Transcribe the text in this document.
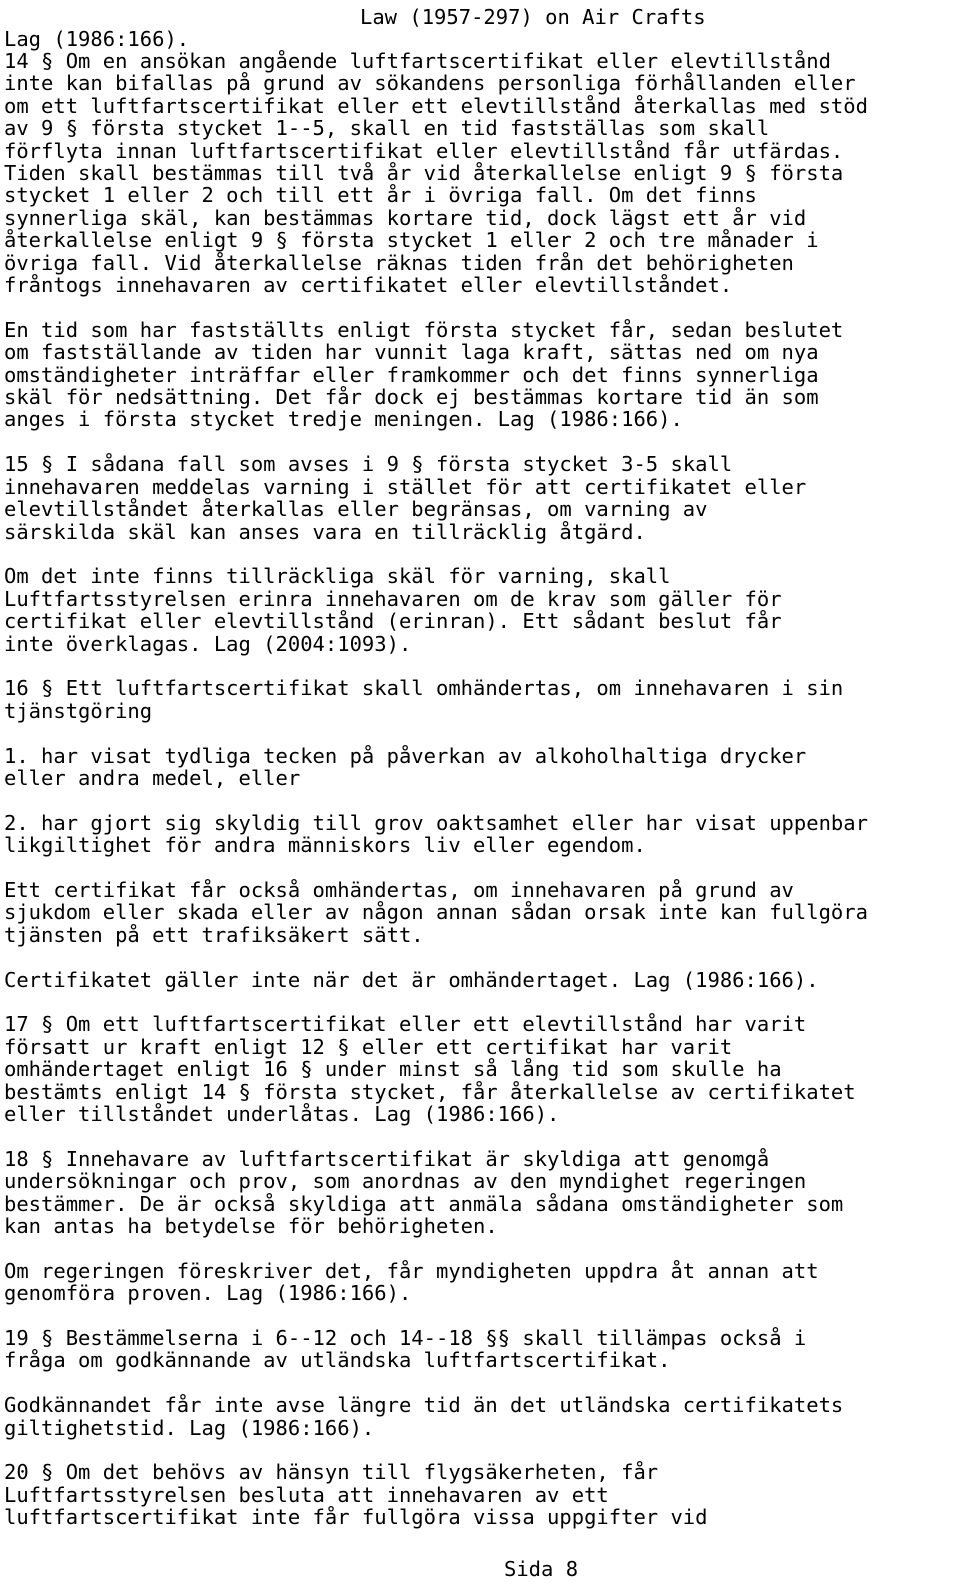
Law (1957-297) on Air Crafts
Lag (1986:166).
14 § Om en ansökan angående luftfartscertifikat eller elevtillstånd
inte kan bifallas på grund av sökandens personliga förhållanden eller
om ett luftfartscertifikat eller ett elevtillstånd återkallas med stöd
av 9 § första stycket 1--5, skall en tid fastställas som skall
förflyta innan luftfartscertifikat eller elevtillstånd får utfärdas.
Tiden skall bestämmas till två år vid återkallelse enligt 9 § första
stycket 1 eller 2 och till ett år i övriga fall. Om det finns
synnerliga skäl, kan bestämmas kortare tid, dock lägst ett år vid
återkallelse enligt 9 § första stycket 1 eller 2 och tre månader i
övriga fall. Vid återkallelse räknas tiden från det behörigheten
fråntogs innehavaren av certifikatet eller elevtillståndet.
En tid som har fastställts enligt första stycket får, sedan beslutet
om fastställande av tiden har vunnit laga kraft, sättas ned om nya
omständigheter inträffar eller framkommer och det finns synnerliga
skäl för nedsättning. Det får dock ej bestämmas kortare tid än som
anges i första stycket tredje meningen. Lag (1986:166).
15 § I sådana fall som avses i 9 § första stycket 3-5 skall
innehavaren meddelas varning i stället för att certifikatet eller
elevtillståndet återkallas eller begränsas, om varning av
särskilda skäl kan anses vara en tillräcklig åtgärd.
Om det inte finns tillräckliga skäl för varning, skall
Luftfartsstyrelsen erinra innehavaren om de krav som gäller för
certifikat eller elevtillstånd (erinran). Ett sådant beslut får
inte överklagas. Lag (2004:1093).
16 § Ett luftfartscertifikat skall omhändertas, om innehavaren i sin
tjänstgöring
1. har visat tydliga tecken på påverkan av alkoholhaltiga drycker
eller andra medel, eller
2. har gjort sig skyldig till grov oaktsamhet eller har visat uppenbar
likgiltighet för andra människors liv eller egendom.
Ett certifikat får också omhändertas, om innehavaren på grund av
sjukdom eller skada eller av någon annan sådan orsak inte kan fullgöra
tjänsten på ett trafiksäkert sätt.
Certifikatet gäller inte när det är omhändertaget. Lag (1986:166).
17 § Om ett luftfartscertifikat eller ett elevtillstånd har varit
försatt ur kraft enligt 12 § eller ett certifikat har varit
omhändertaget enligt 16 § under minst så lång tid som skulle ha
bestämts enligt 14 § första stycket, får återkallelse av certifikatet
eller tillståndet underlåtas. Lag (1986:166).
18 § Innehavare av luftfartscertifikat är skyldiga att genomgå
undersökningar och prov, som anordnas av den myndighet regeringen
bestämmer. De är också skyldiga att anmäla sådana omständigheter som
kan antas ha betydelse för behörigheten.
Om regeringen föreskriver det, får myndigheten uppdra åt annan att
genomföra proven. Lag (1986:166).
19 § Bestämmelserna i 6--12 och 14--18 §§ skall tillämpas också i
fråga om godkännande av utländska luftfartscertifikat.
Godkännandet får inte avse längre tid än det utländska certifikatets
giltighetstid. Lag (1986:166).
20 § Om det behövs av hänsyn till flygsäkerheten, får
Luftfartsstyrelsen besluta att innehavaren av ett
luftfartscertifikat inte får fullgöra vissa uppgifter vid
Sida 8
